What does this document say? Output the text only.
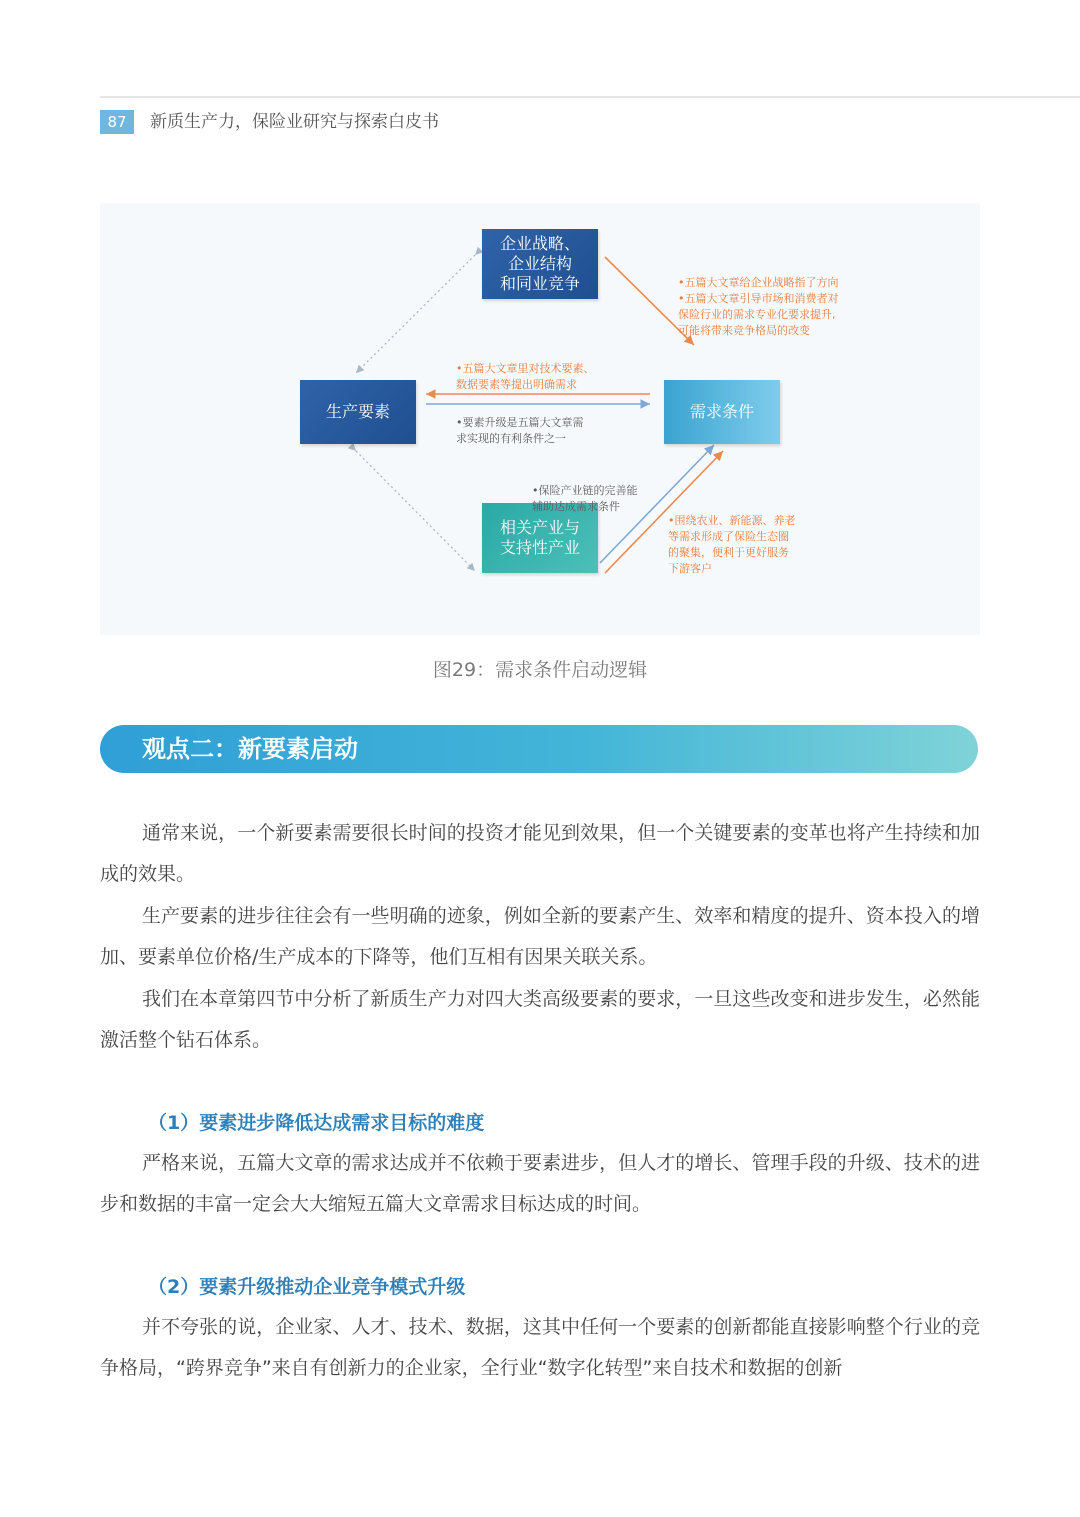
87	新质生产力，保险业研究与探索白皮书
企业战略、
企业结构
和同业竞争
生产要素	需求条件
相关产业与
支持性产业
•五篇大文章给企业战略指了方向
•五篇大文章引导市场和消费者对
保险行业的需求专业化要求提升,
可能将带来竞争格局的改变
•五篇大文章里对技术要素、
数据要素等提出明确需求
•要素升级是五篇大文章需
求实现的有利条件之一
•保险产业链的完善能
辅助达成需求条件
•围绕农业、新能源、养老
等需求形成了保险生态圈
的聚集，便利于更好服务
下游客户
图29：需求条件启动逻辑
观点二：新要素启动

通常来说，一个新要素需要很长时间的投资才能见到效果，但一个关键要素的变革也将产生持续和加成的效果。

生产要素的进步往往会有一些明确的迹象，例如全新的要素产生、效率和精度的提升、资本投入的增加、要素单位价格/生产成本的下降等，他们互相有因果关联关系。

我们在本章第四节中分析了新质生产力对四大类高级要素的要求，一旦这些改变和进步发生，必然能激活整个钻石体系。

（1）要素进步降低达成需求目标的难度

严格来说，五篇大文章的需求达成并不依赖于要素进步，但人才的增长、管理手段的升级、技术的进步和数据的丰富一定会大大缩短五篇大文章需求目标达成的时间。

（2）要素升级推动企业竞争模式升级

并不夸张的说，企业家、人才、技术、数据，这其中任何一个要素的创新都能直接影响整个行业的竞争格局，“跨界竞争”来自有创新力的企业家，全行业“数字化转型”来自技术和数据的创新
